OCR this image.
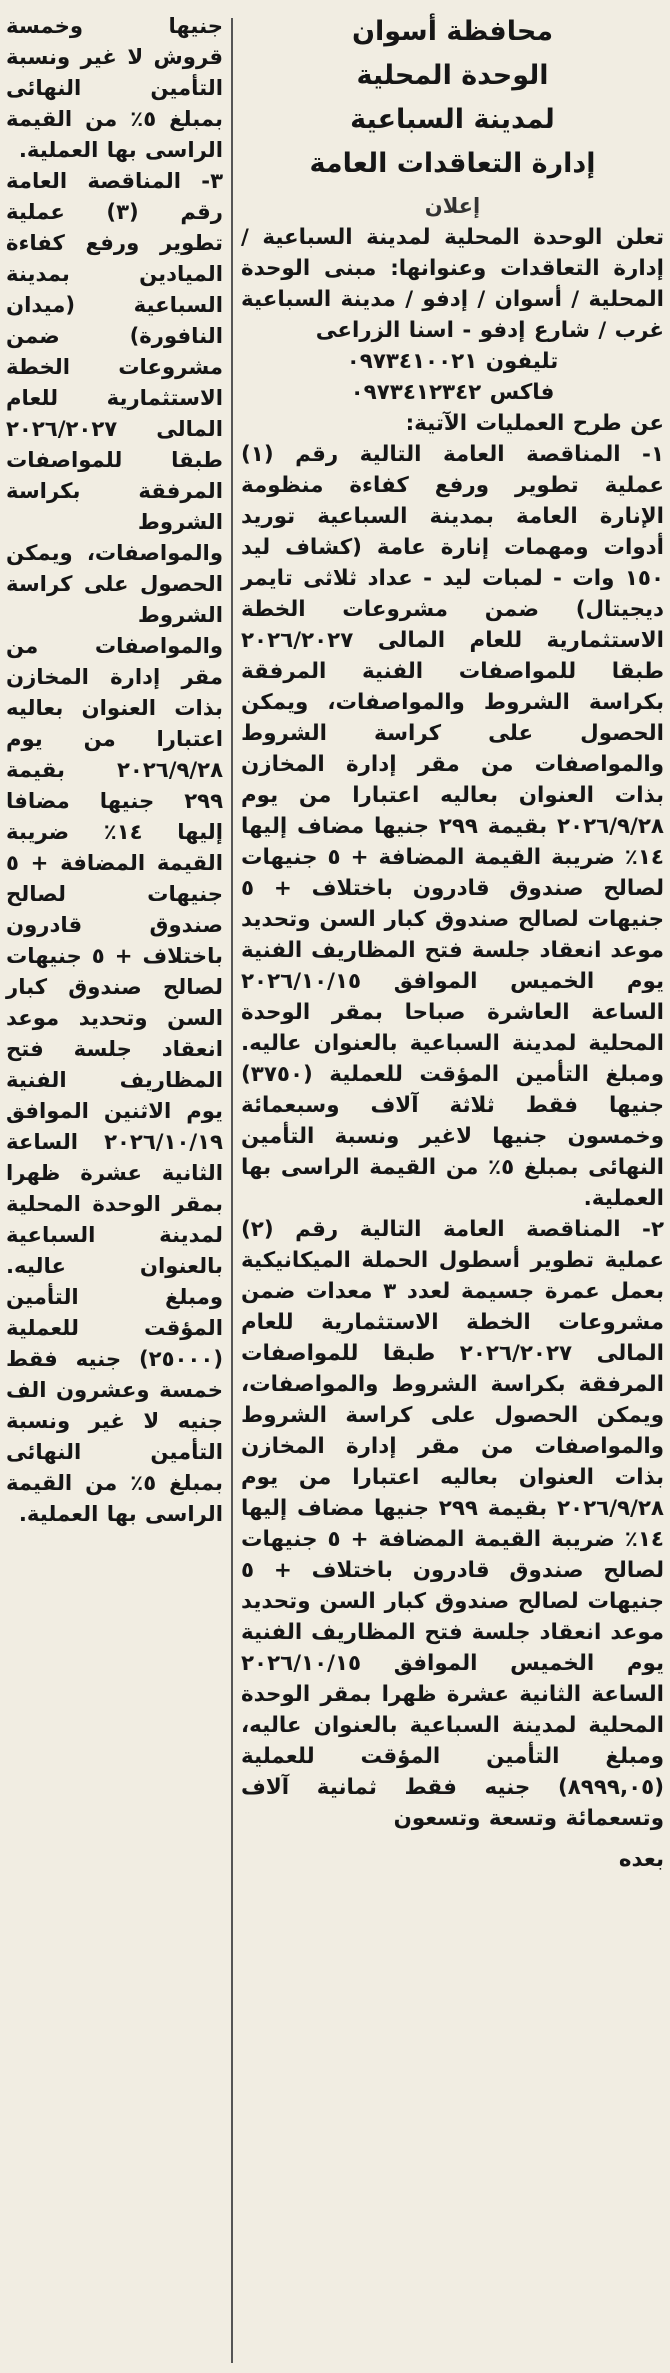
محافظة أسوان

الوحدة المحلية

لمدينة السباعية

إدارة التعاقدات العامة

إعلان

تعلن الوحدة المحلية لمدينة السباعية / إدارة التعاقدات وعنوانها: مبنى الوحدة المحلية / أسوان / إدفو / مدينة السباعية غرب / شارع إدفو - اسنا الزراعى

تليفون ٠٩٧٣٤١٠٠٢١

فاكس ٠٩٧٣٤١٢٣٤٢

عن طرح العمليات الآتية:

١- المناقصة العامة التالية رقم (١) عملية تطوير ورفع كفاءة منظومة الإنارة العامة بمدينة السباعية توريد أدوات ومهمات إنارة عامة (كشاف ليد ١٥٠ وات - لمبات ليد - عداد ثلاثى تايمر ديجيتال) ضمن مشروعات الخطة الاستثمارية للعام المالى ٢٠٢٦/٢٠٢٧ طبقا للمواصفات الفنية المرفقة بكراسة الشروط والمواصفات، ويمكن الحصول على كراسة الشروط والمواصفات من مقر إدارة المخازن بذات العنوان بعاليه اعتبارا من يوم ٢٠٢٦/٩/٢٨ بقيمة ٢٩٩ جنيها مضاف إليها ١٤٪ ضريبة القيمة المضافة + ٥ جنيهات لصالح صندوق قادرون باختلاف + ٥ جنيهات لصالح صندوق كبار السن وتحديد موعد انعقاد جلسة فتح المظاريف الفنية يوم الخميس الموافق ٢٠٢٦/١٠/١٥ الساعة العاشرة صباحا بمقر الوحدة المحلية لمدينة السباعية بالعنوان عاليه. ومبلغ التأمين المؤقت للعملية (٣٧٥٠) جنيها فقط ثلاثة آلاف وسبعمائة وخمسون جنيها لاغير ونسبة التأمين النهائى بمبلغ ٥٪ من القيمة الراسى بها العملية.

٢- المناقصة العامة التالية رقم (٢) عملية تطوير أسطول الحملة الميكانيكية بعمل عمرة جسيمة لعدد ٣ معدات ضمن مشروعات الخطة الاستثمارية للعام المالى ٢٠٢٦/٢٠٢٧ طبقا للمواصفات المرفقة بكراسة الشروط والمواصفات، ويمكن الحصول على كراسة الشروط والمواصفات من مقر إدارة المخازن بذات العنوان بعاليه اعتبارا من يوم ٢٠٢٦/٩/٢٨ بقيمة ٢٩٩ جنيها مضاف إليها ١٤٪ ضريبة القيمة المضافة + ٥ جنيهات لصالح صندوق قادرون باختلاف + ٥ جنيهات لصالح صندوق كبار السن وتحديد موعد انعقاد جلسة فتح المظاريف الفنية يوم الخميس الموافق ٢٠٢٦/١٠/١٥ الساعة الثانية عشرة ظهرا بمقر الوحدة المحلية لمدينة السباعية بالعنوان عاليه، ومبلغ التأمين المؤقت للعملية (٨٩٩٩,٠٥) جنيه فقط ثمانية آلاف وتسعمائة وتسعة وتسعون

بعده

جنيها وخمسة قروش لا غير ونسبة التأمين النهائى بمبلغ ٥٪ من القيمة الراسى بها العملية.

٣- المناقصة العامة رقم (٣) عملية تطوير ورفع كفاءة الميادين بمدينة السباعية (ميدان النافورة) ضمن مشروعات الخطة الاستثمارية للعام المالى ٢٠٢٦/٢٠٢٧ طبقا للمواصفات المرفقة بكراسة الشروط والمواصفات، ويمكن الحصول على كراسة الشروط والمواصفات من مقر إدارة المخازن بذات العنوان بعاليه اعتبارا من يوم ٢٠٢٦/٩/٢٨ بقيمة ٢٩٩ جنيها مضافا إليها ١٤٪ ضريبة القيمة المضافة + ٥ جنيهات لصالح صندوق قادرون باختلاف + ٥ جنيهات لصالح صندوق كبار السن وتحديد موعد انعقاد جلسة فتح المظاريف الفنية يوم الاثنين الموافق ٢٠٢٦/١٠/١٩ الساعة الثانية عشرة ظهرا بمقر الوحدة المحلية لمدينة السباعية بالعنوان عاليه. ومبلغ التأمين المؤقت للعملية (٢٥٠٠٠) جنيه فقط خمسة وعشرون الف جنيه لا غير ونسبة التأمين النهائى بمبلغ ٥٪ من القيمة الراسى بها العملية.
